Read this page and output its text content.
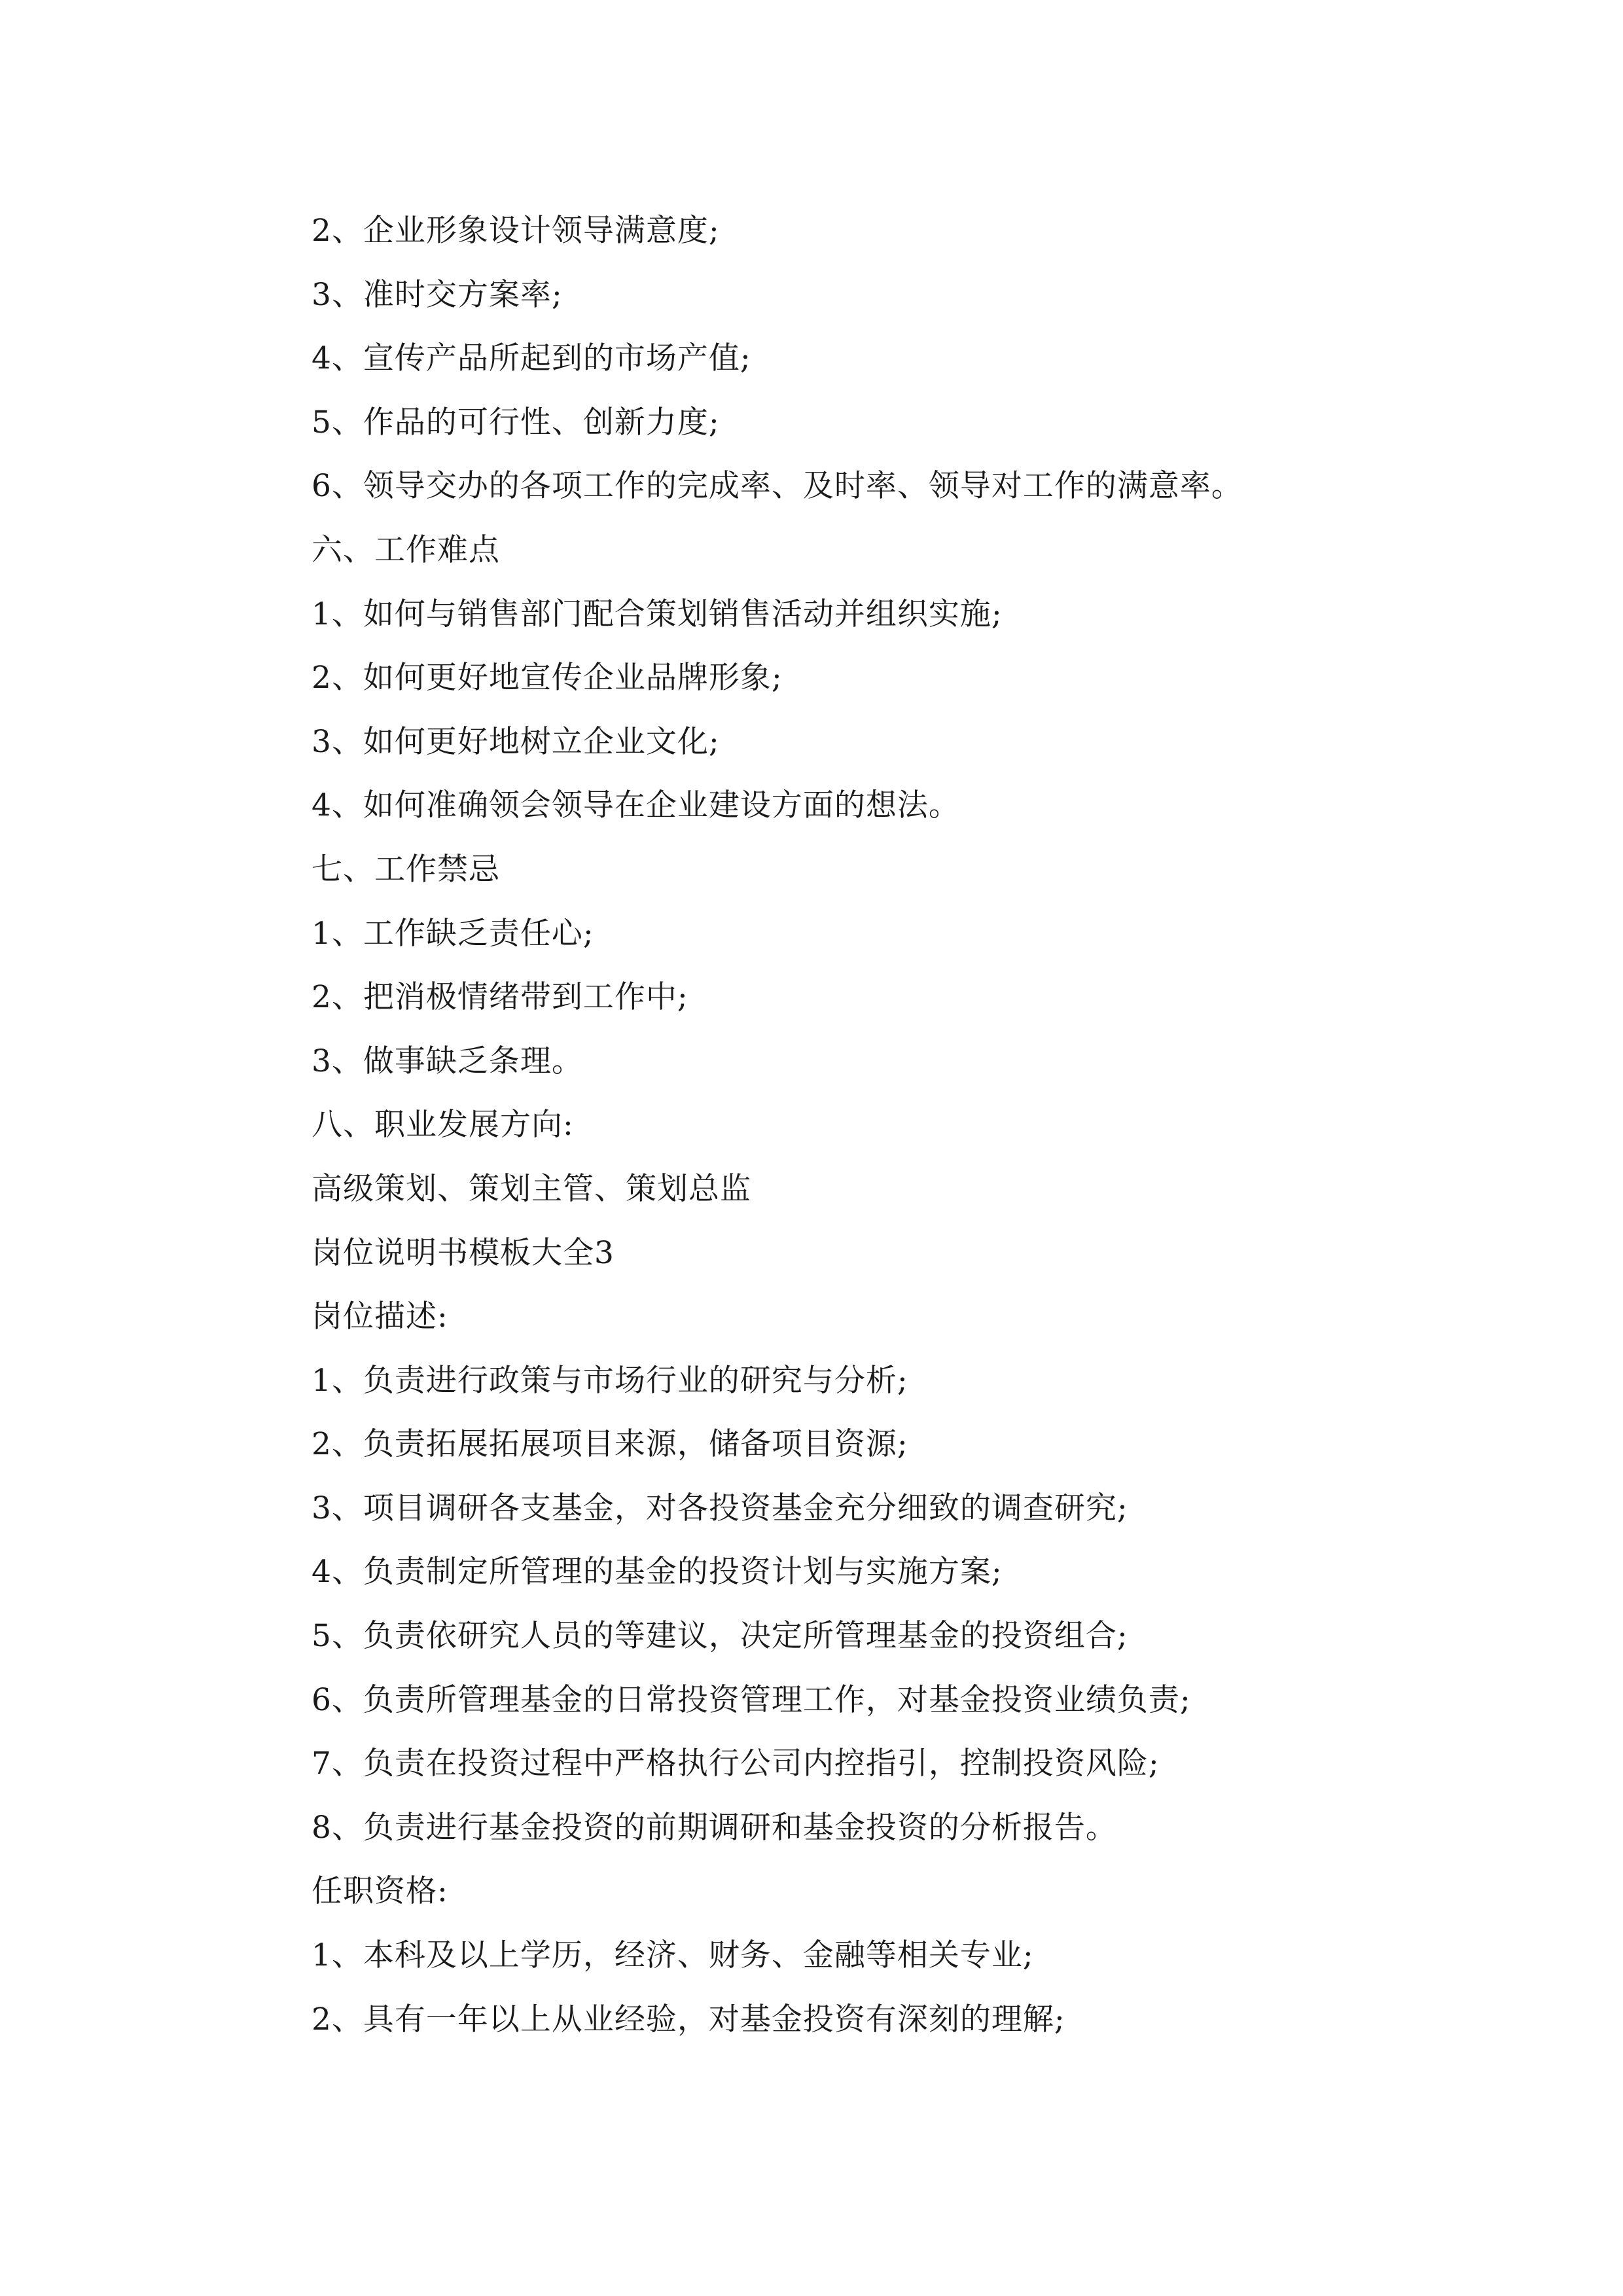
2、企业形象设计领导满意度;
3、准时交方案率;
4、宣传产品所起到的市场产值;
5、作品的可行性、创新力度;
6、领导交办的各项工作的完成率、及时率、领导对工作的满意率。
六、工作难点
1、如何与销售部门配合策划销售活动并组织实施;
2、如何更好地宣传企业品牌形象;
3、如何更好地树立企业文化;
4、如何准确领会领导在企业建设方面的想法。
七、工作禁忌
1、工作缺乏责任心;
2、把消极情绪带到工作中;
3、做事缺乏条理。
八、职业发展方向:
高级策划、策划主管、策划总监
岗位说明书模板大全3
岗位描述:
1、负责进行政策与市场行业的研究与分析;
2、负责拓展拓展项目来源，储备项目资源;
3、项目调研各支基金，对各投资基金充分细致的调查研究;
4、负责制定所管理的基金的投资计划与实施方案;
5、负责依研究人员的等建议，决定所管理基金的投资组合;
6、负责所管理基金的日常投资管理工作，对基金投资业绩负责;
7、负责在投资过程中严格执行公司内控指引，控制投资风险;
8、负责进行基金投资的前期调研和基金投资的分析报告。
任职资格:
1、本科及以上学历，经济、财务、金融等相关专业;
2、具有一年以上从业经验，对基金投资有深刻的理解;
